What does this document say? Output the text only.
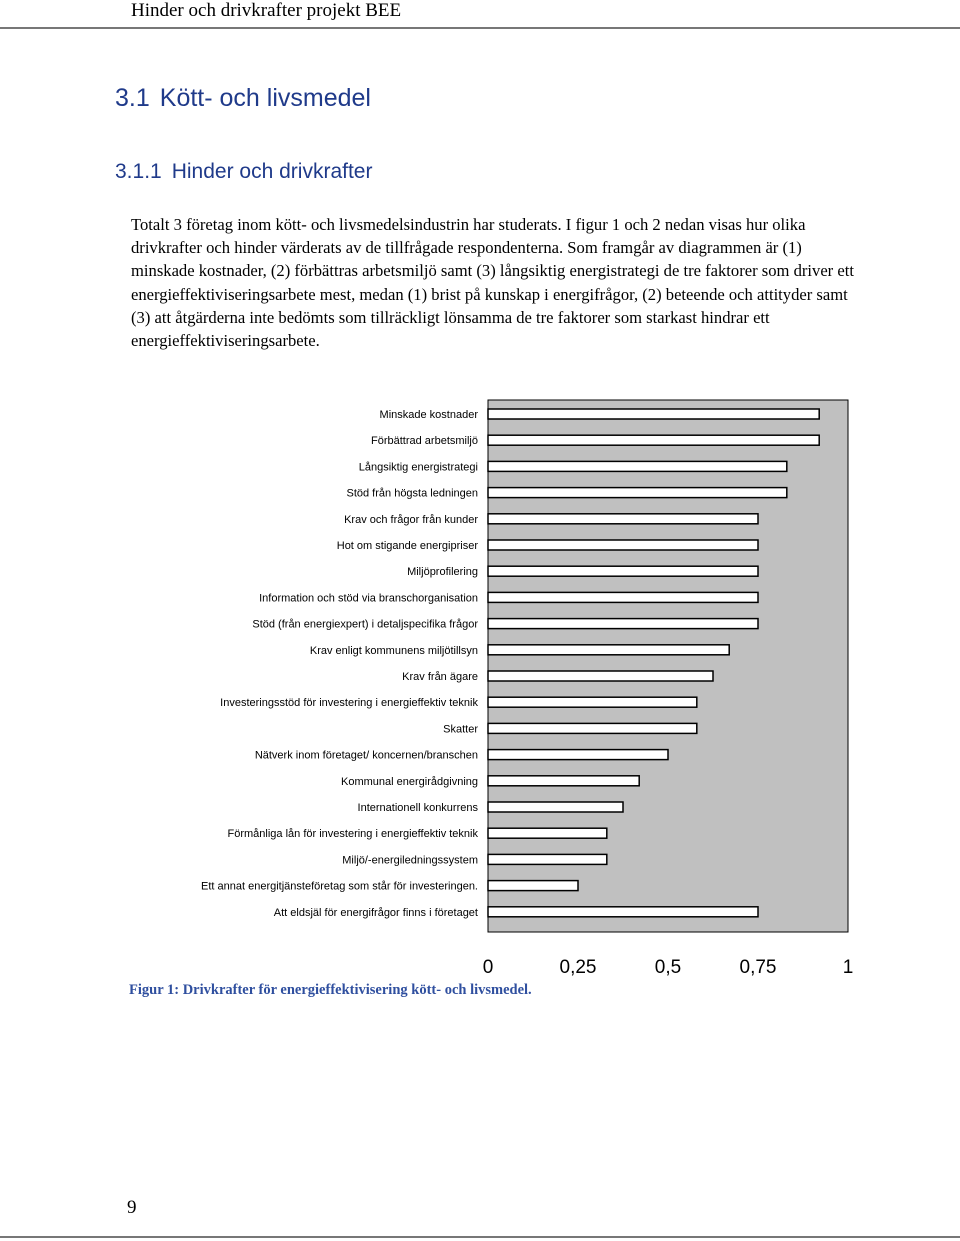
Hinder och drivkrafter projekt BEE
3.1 Kött- och livsmedel
3.1.1 Hinder och drivkrafter

Totalt 3 företag inom kött- och livsmedelsindustrin har studerats. I figur 1 och 2 nedan visas hur olika drivkrafter och hinder värderats av de tillfrågade respondenterna. Som framgår av diagrammen är (1) minskade kostnader, (2) förbättras arbetsmiljö samt (3) långsiktig energistrategi de tre faktorer som driver ett energieffektiviseringsarbete mest, medan (1) brist på kunskap i energifrågor, (2) beteende och attityder samt (3) att åtgärderna inte bedömts som tillräckligt lönsamma de tre faktorer som starkast hindrar ett energieffektiviseringsarbete.

Minskade kostnader
Förbättrad arbetsmiljö
Långsiktig energistrategi
Stöd från högsta ledningen
Krav och frågor från kunder
Hot om stigande energipriser
Miljöprofilering
Information och stöd via branschorganisation
Stöd (från energiexpert) i detaljspecifika frågor
Krav enligt kommunens miljötillsyn
Krav från ägare
Investeringsstöd för investering i energieffektiv teknik
Skatter
Nätverk inom företaget/ koncernen/branschen
Kommunal energirådgivning
Internationell konkurrens
Förmånliga lån för investering i energieffektiv teknik
Miljö/-energiledningssystem
Ett annat energitjänsteföretag som står för investeringen.
Att eldsjäl för energifrågor finns i företaget
0	0,25	0,5	0,75	1
Figur 1: Drivkrafter för energieffektivisering kött- och livsmedel.
9
